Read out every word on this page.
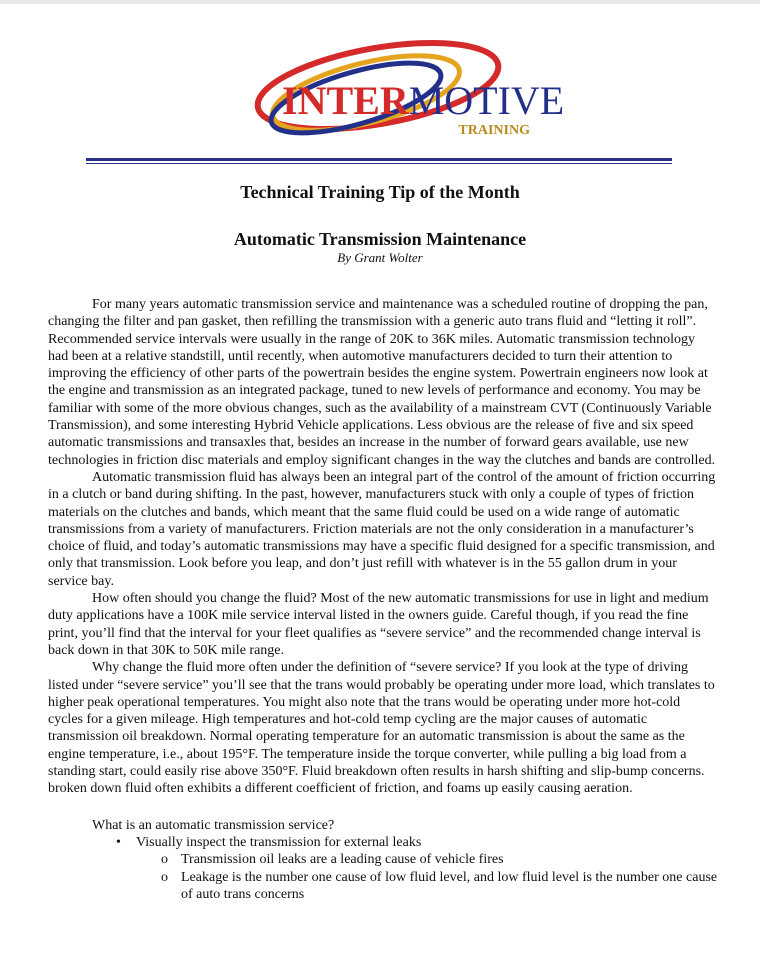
INTERMOTIVE
TRAINING
Technical Training Tip of the Month
Automatic Transmission Maintenance
By Grant Wolter

For many years automatic transmission service and maintenance was a scheduled routine of dropping the pan, changing the filter and pan gasket, then refilling the transmission with a generic auto trans fluid and “letting it roll”. Recommended service intervals were usually in the range of 20K to 36K miles. Automatic transmission technology had been at a relative standstill, until recently, when automotive manufacturers decided to turn their attention to improving the efficiency of other parts of the powertrain besides the engine system. Powertrain engineers now look at the engine and transmission as an integrated package, tuned to new levels of performance and economy. You may be familiar with some of the more obvious changes, such as the availability of a mainstream CVT (Continuously Variable Transmission), and some interesting Hybrid Vehicle applications. Less obvious are the release of five and six speed automatic transmissions and transaxles that, besides an increase in the number of forward gears available, use new technologies in friction disc materials and employ significant changes in the way the clutches and bands are controlled.

Automatic transmission fluid has always been an integral part of the control of the amount of friction occurring in a clutch or band during shifting. In the past, however, manufacturers stuck with only a couple of types of friction materials on the clutches and bands, which meant that the same fluid could be used on a wide range of automatic transmissions from a variety of manufacturers. Friction materials are not the only consideration in a manufacturer’s choice of fluid, and today’s automatic transmissions may have a specific fluid designed for a specific transmission, and only that transmission. Look before you leap, and don’t just refill with whatever is in the 55 gallon drum in your service bay.

How often should you change the fluid? Most of the new automatic transmissions for use in light and medium duty applications have a 100K mile service interval listed in the owners guide. Careful though, if you read the fine print, you’ll find that the interval for your fleet qualifies as “severe service” and the recommended change interval is back down in that 30K to 50K mile range.

Why change the fluid more often under the definition of “severe service? If you look at the type of driving listed under “severe service” you’ll see that the trans would probably be operating under more load, which translates to higher peak operational temperatures. You might also note that the trans would be operating under more hot-cold cycles for a given mileage. High temperatures and hot-cold temp cycling are the major causes of automatic transmission oil breakdown. Normal operating temperature for an automatic transmission is about the same as the engine temperature, i.e., about 195°F. The temperature inside the torque converter, while pulling a big load from a standing start, could easily rise above 350°F. Fluid breakdown often results in harsh shifting and slip-bump concerns. broken down fluid often exhibits a different coefficient of friction, and foams up easily causing aeration.

What is an automatic transmission service?

• Visually inspect the transmission for external leaks
o Transmission oil leaks are a leading cause of vehicle fires
o Leakage is the number one cause of low fluid level, and low fluid level is the number one cause of auto trans concerns
